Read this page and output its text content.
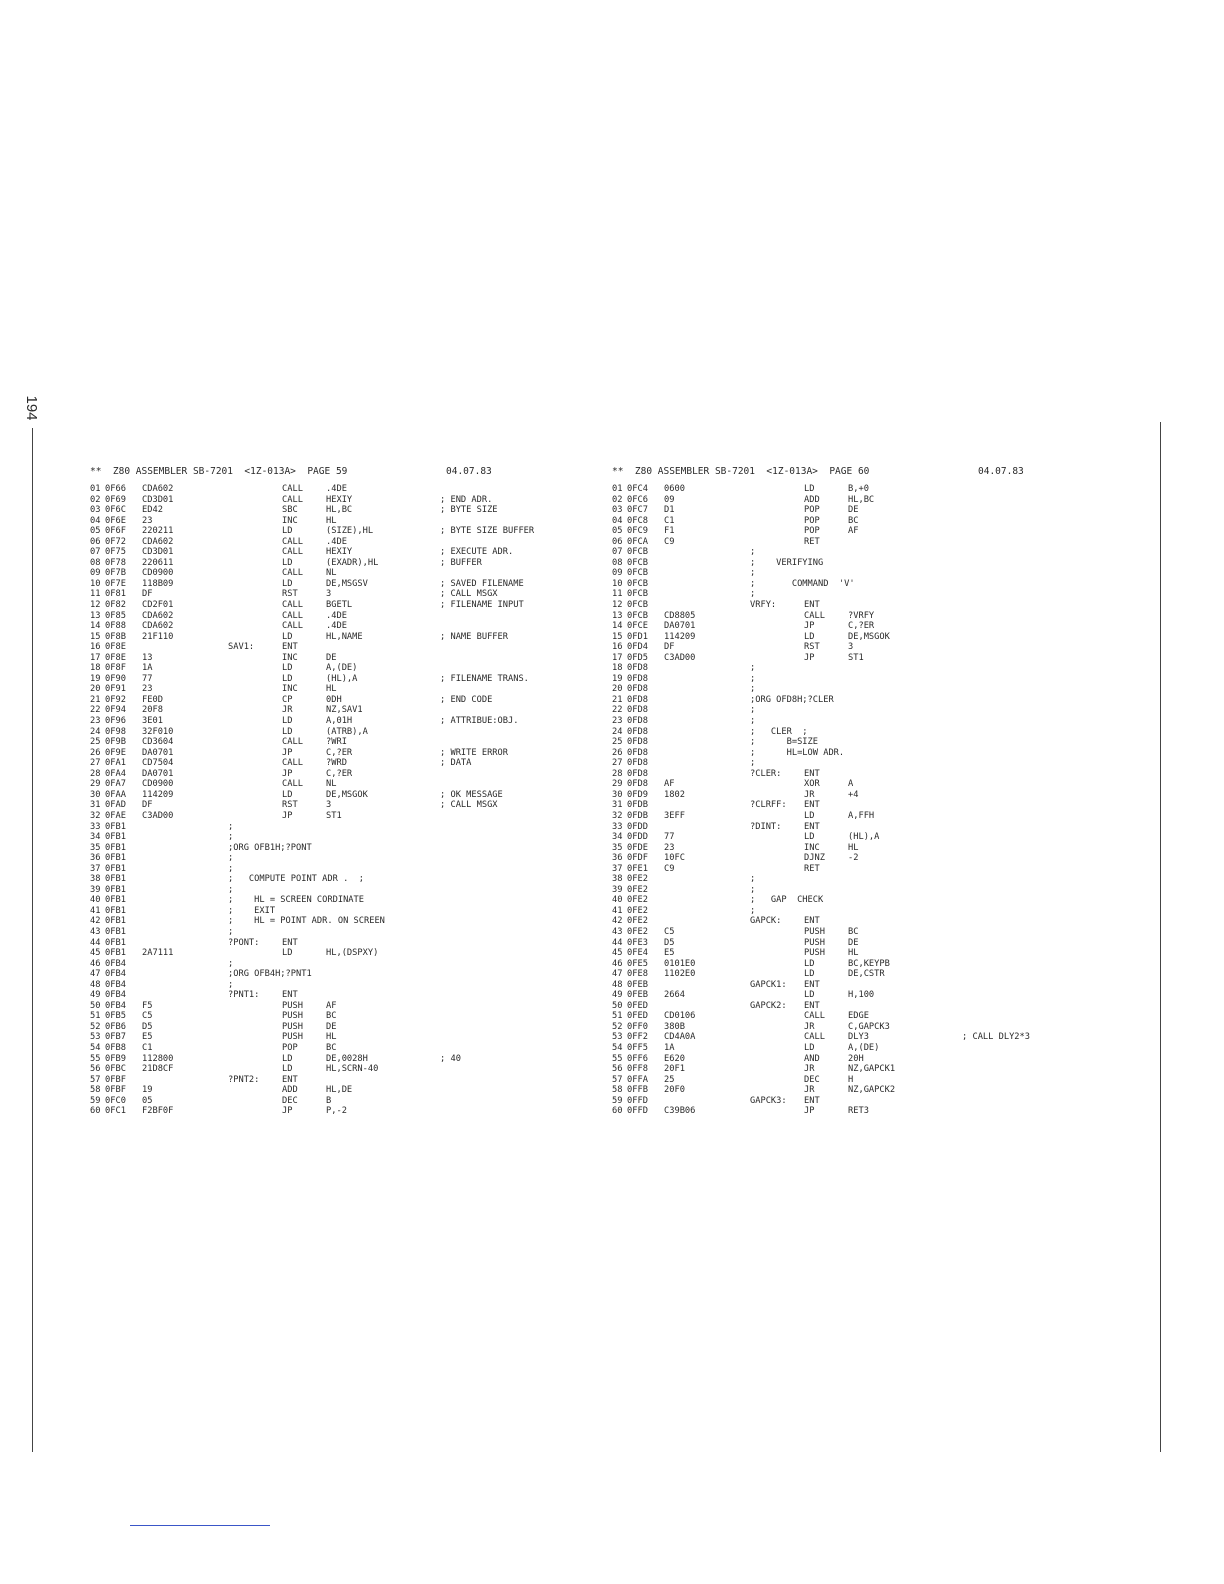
194

**  Z80 ASSEMBLER SB-7201  <1Z-013A>  PAGE 59

	04.07.83

01 0F66 CDA602	CALL	.4DE
02 0F69 CD3D01	CALL	HEXIY	; END ADR.
03 0F6C ED42	SBC	HL,BC	; BYTE SIZE
04 0F6E 23	INC	HL
05 0F6F 220211	LD	(SIZE),HL	; BYTE SIZE BUFFER
06 0F72 CDA602	CALL	.4DE
07 0F75 CD3D01	CALL	HEXIY	; EXECUTE ADR.
08 0F78 220611	LD	(EXADR),HL	; BUFFER
09 0F7B CD0900	CALL	NL
10 0F7E 118B09	LD	DE,MSGSV	; SAVED FILENAME
11 0F81 DF	RST	3	; CALL MSGX
12 0F82 CD2F01	CALL	BGETL	; FILENAME INPUT
13 0F85 CDA602	CALL	.4DE
14 0F88 CDA602	CALL	.4DE
15 0F8B 21F110	LD	HL,NAME	; NAME BUFFER
16 0F8E	SAV1:	ENT
17 0F8E 13	INC	DE
18 0F8F 1A	LD	A,(DE)
19 0F90 77	LD	(HL),A	; FILENAME TRANS.
20 0F91 23	INC	HL
21 0F92 FE0D	CP	0DH	; END CODE
22 0F94 20F8	JR	NZ,SAV1
23 0F96 3E01	LD	A,01H	; ATTRIBUE:OBJ.
24 0F98 32F010	LD	(ATRB),A
25 0F9B CD3604	CALL	?WRI
26 0F9E DA0701	JP	C,?ER	; WRITE ERROR
27 0FA1 CD7504	CALL	?WRD	; DATA
28 0FA4 DA0701	JP	C,?ER
29 0FA7 CD0900	CALL	NL
30 0FAA 114209	LD	DE,MSGOK	; OK MESSAGE
31 0FAD DF	RST	3	; CALL MSGX
32 0FAE C3AD00	JP	ST1
33 0FB1	;
34 0FB1	;
35 0FB1	;ORG OFB1H;?PONT
36 0FB1	;
37 0FB1	;
38 0FB1	;   COMPUTE POINT ADR .  ;
39 0FB1	;
40 0FB1	;    HL = SCREEN CORDINATE
41 0FB1	;    EXIT
42 0FB1	;    HL = POINT ADR. ON SCREEN
43 0FB1	;
44 0FB1	?PONT:	ENT
45 0FB1 2A7111	LD	HL,(DSPXY)
46 0FB4	;
47 0FB4	;ORG OFB4H;?PNT1
48 0FB4	;
49 0FB4	?PNT1:	ENT
50 0FB4 F5	PUSH	AF
51 0FB5 C5	PUSH	BC
52 0FB6 D5	PUSH	DE
53 0FB7 E5	PUSH	HL
54 0FB8 C1	POP	BC
55 0FB9 112800	LD	DE,0028H	; 40
56 0FBC 21D8CF	LD	HL,SCRN-40
57 0FBF	?PNT2:	ENT
58 0FBF 19	ADD	HL,DE
59 0FC0 05	DEC	B
60 0FC1 F2BF0F	JP	P,-2

**  Z80 ASSEMBLER SB-7201  <1Z-013A>  PAGE 60

	04.07.83

01 0FC4 0600	LD	B,+0
02 0FC6 09	ADD	HL,BC
03 0FC7 D1	POP	DE
04 0FC8 C1	POP	BC
05 0FC9 F1	POP	AF
06 0FCA C9	RET
07 0FCB	;
08 0FCB	;    VERIFYING
09 0FCB	;
10 0FCB	;       COMMAND  'V'
11 0FCB	;
12 0FCB	VRFY:	ENT
13 0FCB CD8805	CALL	?VRFY
14 0FCE DA0701	JP	C,?ER
15 0FD1 114209	LD	DE,MSGOK
16 0FD4 DF	RST	3
17 0FD5 C3AD00	JP	ST1
18 0FD8	;
19 0FD8	;
20 0FD8	;
21 0FD8	;ORG OFD8H;?CLER
22 0FD8	;
23 0FD8	;
24 0FD8	;   CLER  ;
25 0FD8	;      B=SIZE
26 0FD8	;      HL=LOW ADR.
27 0FD8	;
28 0FD8	?CLER:	ENT
29 0FD8 AF	XOR	A
30 0FD9 1802	JR	+4
31 0FDB	?CLRFF: ENT
32 0FDB 3EFF	LD	A,FFH
33 0FDD	?DINT:	ENT
34 0FDD 77	LD	(HL),A
35 0FDE 23	INC	HL
36 0FDF 10FC	DJNZ	-2
37 0FE1 C9	RET
38 0FE2	;
39 0FE2	;
40 0FE2	;   GAP  CHECK
41 0FE2	;
42 0FE2	GAPCK:	ENT
43 0FE2 C5	PUSH	BC
44 0FE3 D5	PUSH	DE
45 0FE4 E5	PUSH	HL
46 0FE5 0101E0	LD	BC,KEYPB
47 0FE8 1102E0	LD	DE,CSTR
48 0FEB	GAPCK1: ENT
49 0FEB 2664	LD	H,100
50 0FED	GAPCK2: ENT
51 0FED CD0106	CALL	EDGE
52 0FF0 380B	JR	C,GAPCK3
53 0FF2 CD4A0A	CALL	DLY3	; CALL DLY2*3
54 0FF5 1A	LD	A,(DE)
55 0FF6 E620	AND	20H
56 0FF8 20F1	JR	NZ,GAPCK1
57 0FFA 25	DEC	H
58 0FFB 20F0	JR	NZ,GAPCK2
59 0FFD	GAPCK3: ENT
60 0FFD C39B06	JP	RET3
